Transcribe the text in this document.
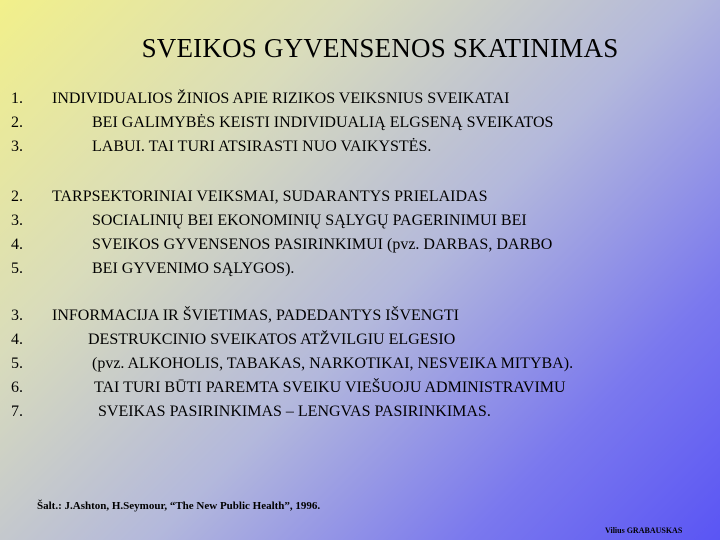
SVEIKOS GYVENSENOS SKATINIMAS
1.
2.
3.
INDIVIDUALIOS ŽINIOS APIE RIZIKOS VEIKSNIUS SVEIKATAI
BEI GALIMYBĖS KEISTI INDIVIDUALIĄ ELGSENĄ SVEIKATOS
LABUI. TAI TURI ATSIRASTI NUO VAIKYSTĖS.
2.
3.
4.
5.
TARPSEKTORINIAI VEIKSMAI, SUDARANTYS PRIELAIDAS
SOCIALINIŲ BEI EKONOMINIŲ SĄLYGŲ PAGERINIMUI BEI
SVEIKOS GYVENSENOS PASIRINKIMUI (pvz. DARBAS, DARBO
BEI GYVENIMO SĄLYGOS).
3.
4.
5.
6.
7.
INFORMACIJA IR ŠVIETIMAS, PADEDANTYS IŠVENGTI
DESTRUKCINIO SVEIKATOS ATŽVILGIU ELGESIO
(pvz. ALKOHOLIS, TABAKAS, NARKOTIKAI, NESVEIKA MITYBA).
TAI TURI BŪTI PAREMTA SVEIKU VIEŠUOJU ADMINISTRAVIMU
SVEIKAS PASIRINKIMAS – LENGVAS PASIRINKIMAS.
Šalt.: J.Ashton, H.Seymour, “The New Public Health”, 1996.
Vilius GRABAUSKAS
